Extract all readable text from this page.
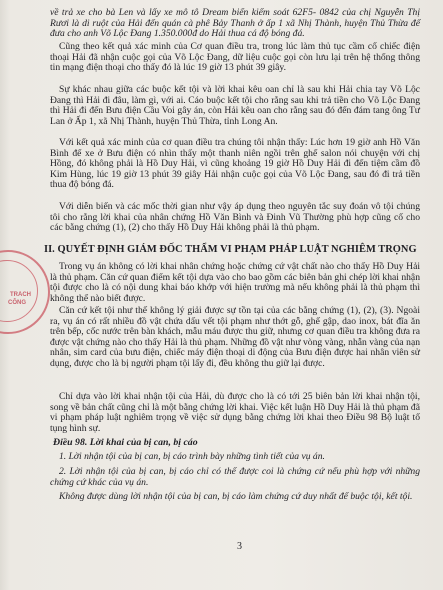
TRÁCH
CÔNG

về trả xe cho bà Len và lấy xe mô tô Dream biển kiểm soát 62F5- 0842 của chị Nguyễn Thị Rươi là di ruột của Hải đến quán cà phê Bảy Thanh ở ấp 1 xã Nhị Thành, huyện Thủ Thừa để đưa cho anh Võ Lộc Đang 1.350.000đ do Hải thua cá độ bóng đá.

Cũng theo kết quả xác minh của Cơ quan điều tra, trong lúc làm thủ tục cầm cố chiếc điện thoại Hải đã nhận cuộc gọi của Võ Lộc Đang, dữ liệu cuộc gọi còn lưu lại trên hệ thống thông tin mạng điện thoại cho thấy đó là lúc 19 giờ 13 phút 39 giây.

Sự khác nhau giữa các buộc kết tội và lời khai kêu oan chỉ là sau khi Hải chia tay Võ Lộc Đang thì Hải đi đâu, làm gì, với ai. Cáo buộc kết tội cho rằng sau khi trả tiền cho Võ Lộc Đang thì Hải đi đến Bưu điện Cầu Voi gây án, còn Hải kêu oan cho rằng sau đó đến đám tang ông Tư Lan ở Ấp 1, xã Nhị Thành, huyện Thủ Thừa, tỉnh Long An.

Với kết quả xác minh của cơ quan điều tra chúng tôi nhận thấy: Lúc hơn 19 giờ anh Hồ Văn Bình để xe ở Bưu điện có nhìn thấy một thanh niên ngồi trên ghế salon nói chuyện với chị Hồng, đó không phải là Hồ Duy Hải, vì cũng khoảng 19 giờ Hồ Duy Hải đi đến tiệm cầm đồ Kim Hùng, lúc 19 giờ 13 phút 39 giây Hải nhận cuộc gọi của Võ Lộc Đang, sau đó đi trả tiền thua độ bóng đá.

Với diễn biến và các mốc thời gian như vậy áp dụng theo nguyên tắc suy đoán vô tội chúng tôi cho rằng lời khai của nhân chứng Hồ Văn Bình và Đinh Vũ Thường phù hợp cũng cố cho các bằng chứng (1), (2) cho thấy Hồ Duy Hải không phải là thủ phạm.

II. QUYẾT ĐỊNH GIÁM ĐỐC THẨM VI PHẠM PHÁP LUẬT NGHIÊM TRỌNG

Trong vụ án không có lời khai nhân chứng hoặc chứng cứ vật chất nào cho thấy Hồ Duy Hải là thủ phạm. Căn cứ quan điểm kết tội dựa vào cho bao gồm các biên bản ghi chép lời khai nhận tội được cho là có nội dung khai báo khớp với hiện trường mà nếu không phải là thủ phạm thì không thể nào biết được.

Căn cứ kết tội như thế không lý giải được sự tồn tại của các bằng chứng (1), (2), (3). Ngoài ra, vụ án có rất nhiều đồ vật chứa dấu vết tội phạm như thớt gỗ, ghế gập, dao inox, bát đĩa ăn trên bếp, cốc nước trên bàn khách, mẫu máu được thu giữ, nhưng cơ quan điều tra không đưa ra được vật chứng nào cho thấy Hải là thủ phạm. Những đồ vật như vòng vàng, nhẫn vàng của nạn nhân, sim card của bưu điện, chiếc máy điện thoại di động của Bưu điện được hai nhân viên sử dụng, được cho là bị người phạm tội lấy đi, đều không thu giữ lại được.

Chỉ dựa vào lời khai nhận tội của Hải, dù được cho là có tới 25 biên bản lời khai nhận tội, song về bản chất cũng chỉ là một bằng chứng lời khai. Việc kết luận Hồ Duy Hải là thủ phạm đã vi phạm pháp luật nghiêm trọng về việc sử dụng bằng chứng lời khai theo Điều 98 Bộ luật tố tụng hình sự.

Điều 98. Lời khai của bị can, bị cáo

1. Lời nhận tội của bị can, bị cáo trình bày những tình tiết của vụ án.

2. Lời nhận tội của bị can, bị cáo chỉ có thể được coi là chứng cứ nếu phù hợp với những chứng cứ khác của vụ án.

Không được dùng lời nhận tội của bị can, bị cáo làm chứng cứ duy nhất để buộc tội, kết tội.

3
